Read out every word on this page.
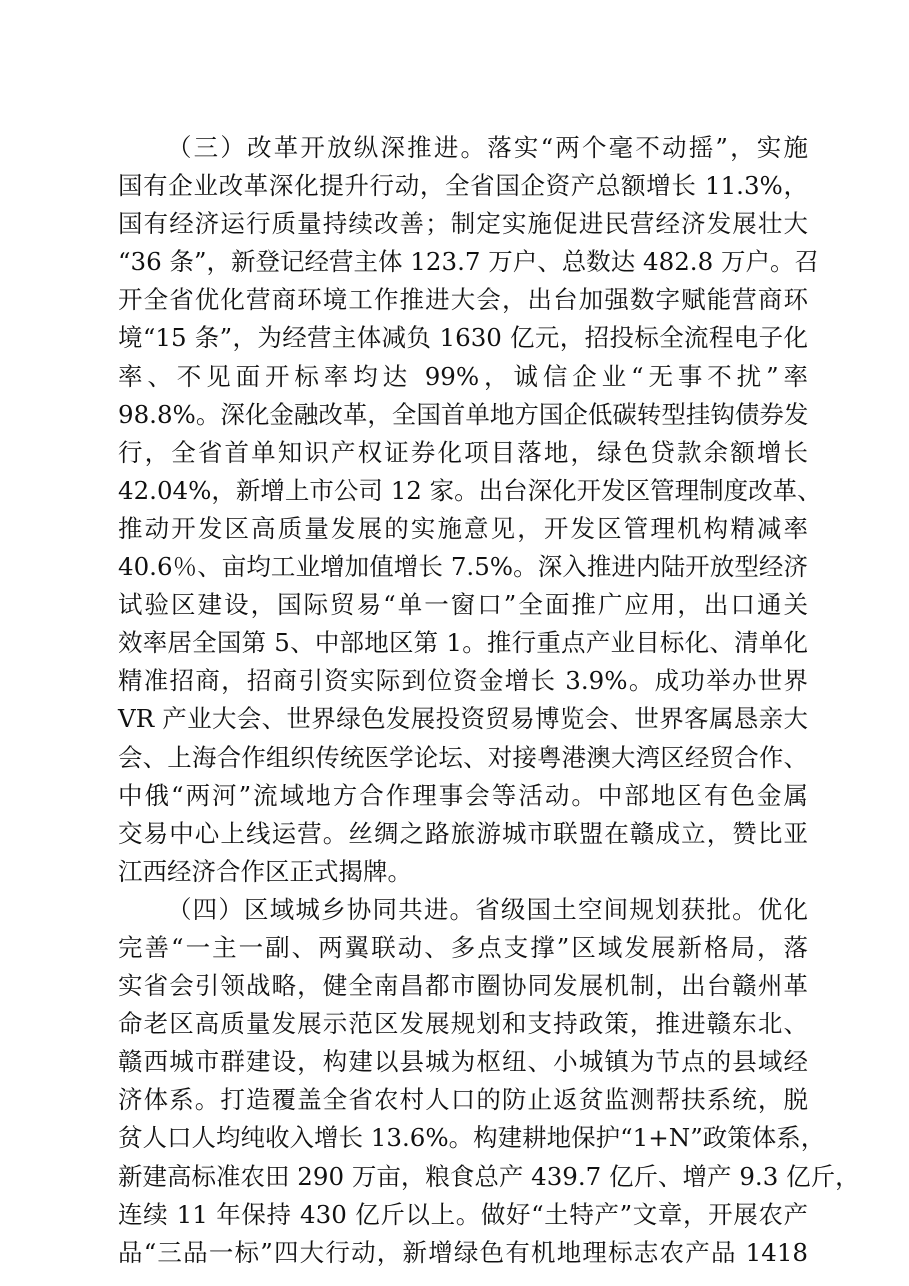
（三）改革开放纵深推进。落实“两个毫不动摇”，实施
国有企业改革深化提升行动，全省国企资产总额增长 11.3%，
国有经济运行质量持续改善；制定实施促进民营经济发展壮大
“36 条”，新登记经营主体 123.7 万户、总数达 482.8 万户。召
开全省优化营商环境工作推进大会，出台加强数字赋能营商环
境“15 条”，为经营主体减负 1630 亿元，招投标全流程电子化
率、不见面开标率均达 99%，诚信企业“无事不扰”率
98.8%。深化金融改革，全国首单地方国企低碳转型挂钩债券发
行，全省首单知识产权证券化项目落地，绿色贷款余额增长
42.04%，新增上市公司 12 家。出台深化开发区管理制度改革、
推动开发区高质量发展的实施意见，开发区管理机构精减率
40.6％、亩均工业增加值增长 7.5%。深入推进内陆开放型经济
试验区建设，国际贸易“单一窗口”全面推广应用，出口通关
效率居全国第 5、中部地区第 1。推行重点产业目标化、清单化
精准招商，招商引资实际到位资金增长 3.9%。成功举办世界
VR 产业大会、世界绿色发展投资贸易博览会、世界客属恳亲大
会、上海合作组织传统医学论坛、对接粤港澳大湾区经贸合作、
中俄“两河”流域地方合作理事会等活动。中部地区有色金属
交易中心上线运营。丝绸之路旅游城市联盟在赣成立，赞比亚
江西经济合作区正式揭牌。
（四）区域城乡协同共进。省级国土空间规划获批。优化
完善“一主一副、两翼联动、多点支撑”区域发展新格局，落
实省会引领战略，健全南昌都市圈协同发展机制，出台赣州革
命老区高质量发展示范区发展规划和支持政策，推进赣东北、
赣西城市群建设，构建以县城为枢纽、小城镇为节点的县域经
济体系。打造覆盖全省农村人口的防止返贫监测帮扶系统，脱
贫人口人均纯收入增长 13.6%。构建耕地保护“1+N”政策体系，
新建高标准农田 290 万亩，粮食总产 439.7 亿斤、增产 9.3 亿斤，
连续 11 年保持 430 亿斤以上。做好“土特产”文章，开展农产
品“三品一标”四大行动，新增绿色有机地理标志农产品 1418
